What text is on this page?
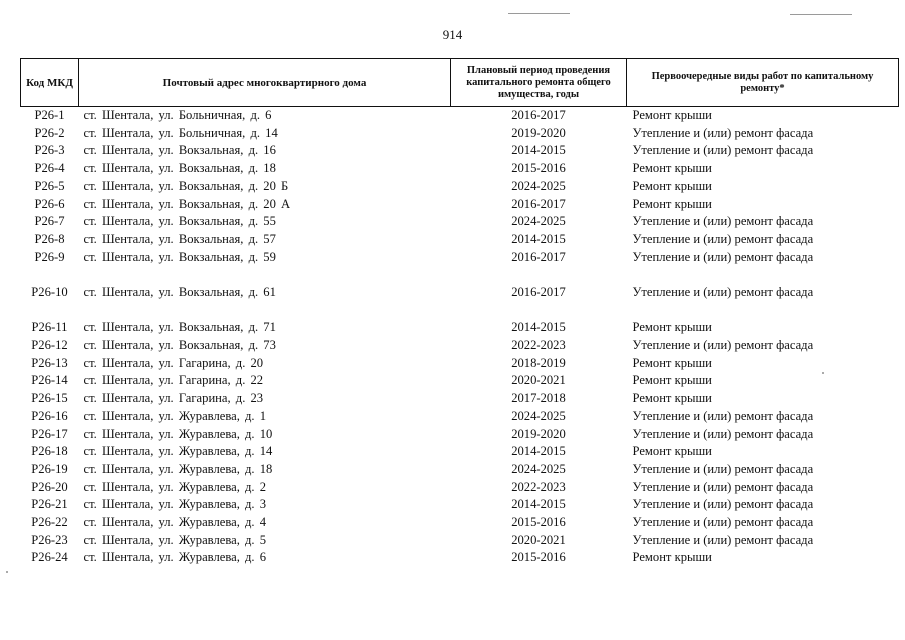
914
Код МКД	Почтовый адрес многоквартирного дома	Плановый период проведения капитального ремонта общего имущества, годы	Первоочередные виды работ по капитальному ремонту*
Р26-1	ст. Шентала, ул. Больничная, д. 6	2016-2017	Ремонт крыши
Р26-2	ст. Шентала, ул. Больничная, д. 14	2019-2020	Утепление и (или) ремонт фасада
Р26-3	ст. Шентала, ул. Вокзальная, д. 16	2014-2015	Утепление и (или) ремонт фасада
Р26-4	ст. Шентала, ул. Вокзальная, д. 18	2015-2016	Ремонт крыши
Р26-5	ст. Шентала, ул. Вокзальная, д. 20 Б	2024-2025	Ремонт крыши
Р26-6	ст. Шентала, ул. Вокзальная, д. 20 А	2016-2017	Ремонт крыши
Р26-7	ст. Шентала, ул. Вокзальная, д. 55	2024-2025	Утепление и (или) ремонт фасада
Р26-8	ст. Шентала, ул. Вокзальная, д. 57	2014-2015	Утепление и (или) ремонт фасада
Р26-9	ст. Шентала, ул. Вокзальная, д. 59	2016-2017	Утепление и (или) ремонт фасада
Р26-10	ст. Шентала, ул. Вокзальная, д. 61	2016-2017	Утепление и (или) ремонт фасада
Р26-11	ст. Шентала, ул. Вокзальная, д. 71	2014-2015	Ремонт крыши
Р26-12	ст. Шентала, ул. Вокзальная, д. 73	2022-2023	Утепление и (или) ремонт фасада
Р26-13	ст. Шентала, ул. Гагарина, д. 20	2018-2019	Ремонт крыши
Р26-14	ст. Шентала, ул. Гагарина, д. 22	2020-2021	Ремонт крыши
Р26-15	ст. Шентала, ул. Гагарина, д. 23	2017-2018	Ремонт крыши
Р26-16	ст. Шентала, ул. Журавлева, д. 1	2024-2025	Утепление и (или) ремонт фасада
Р26-17	ст. Шентала, ул. Журавлева, д. 10	2019-2020	Утепление и (или) ремонт фасада
Р26-18	ст. Шентала, ул. Журавлева, д. 14	2014-2015	Ремонт крыши
Р26-19	ст. Шентала, ул. Журавлева, д. 18	2024-2025	Утепление и (или) ремонт фасада
Р26-20	ст. Шентала, ул. Журавлева, д. 2	2022-2023	Утепление и (или) ремонт фасада
Р26-21	ст. Шентала, ул. Журавлева, д. 3	2014-2015	Утепление и (или) ремонт фасада
Р26-22	ст. Шентала, ул. Журавлева, д. 4	2015-2016	Утепление и (или) ремонт фасада
Р26-23	ст. Шентала, ул. Журавлева, д. 5	2020-2021	Утепление и (или) ремонт фасада
Р26-24	ст. Шентала, ул. Журавлева, д. 6	2015-2016	Ремонт крыши
